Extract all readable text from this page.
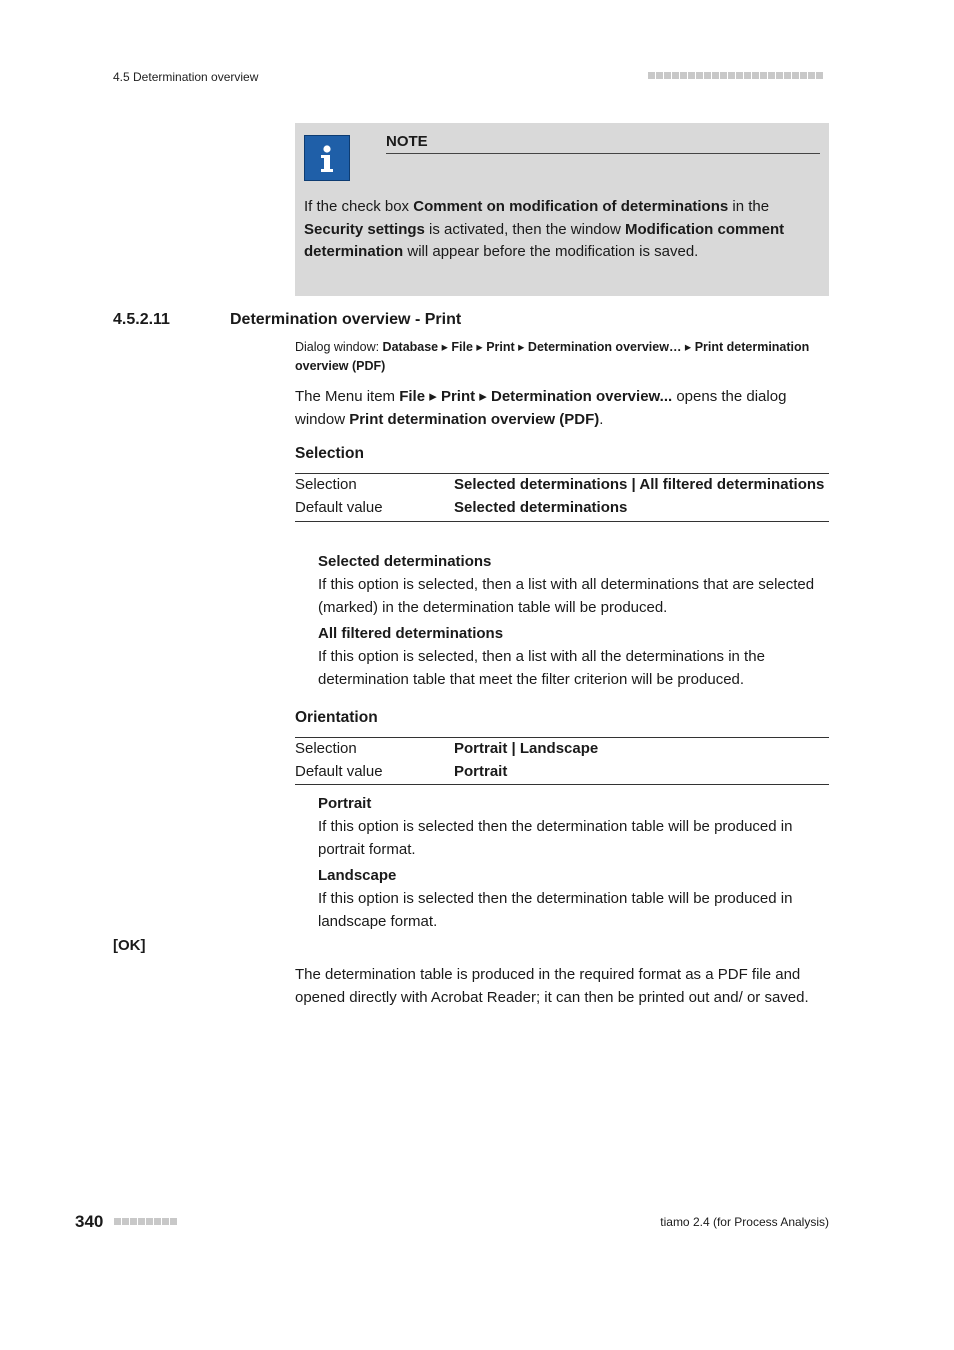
4.5 Determination overview
NOTE
If the check box Comment on modification of determinations in the Security settings is activated, then the window Modification comment determination will appear before the modification is saved.
4.5.2.11	Determination overview - Print
Dialog window: Database ▸ File ▸ Print ▸ Determination overview… ▸ Print determination overview (PDF)
The Menu item File ▸ Print ▸ Determination overview... opens the dialog window Print determination overview (PDF).
Selection
Selection	Selected determinations | All filtered determinations
Default value	Selected determinations
Selected determinations
If this option is selected, then a list with all determinations that are selected (marked) in the determination table will be produced.
All filtered determinations
If this option is selected, then a list with all the determinations in the determination table that meet the filter criterion will be produced.
Orientation
Selection	Portrait | Landscape
Default value	Portrait
Portrait
If this option is selected then the determination table will be produced in portrait format.
Landscape
If this option is selected then the determination table will be produced in landscape format.
[OK]
The determination table is produced in the required format as a PDF file and opened directly with Acrobat Reader; it can then be printed out and/ or saved.
340	tiamo 2.4 (for Process Analysis)
